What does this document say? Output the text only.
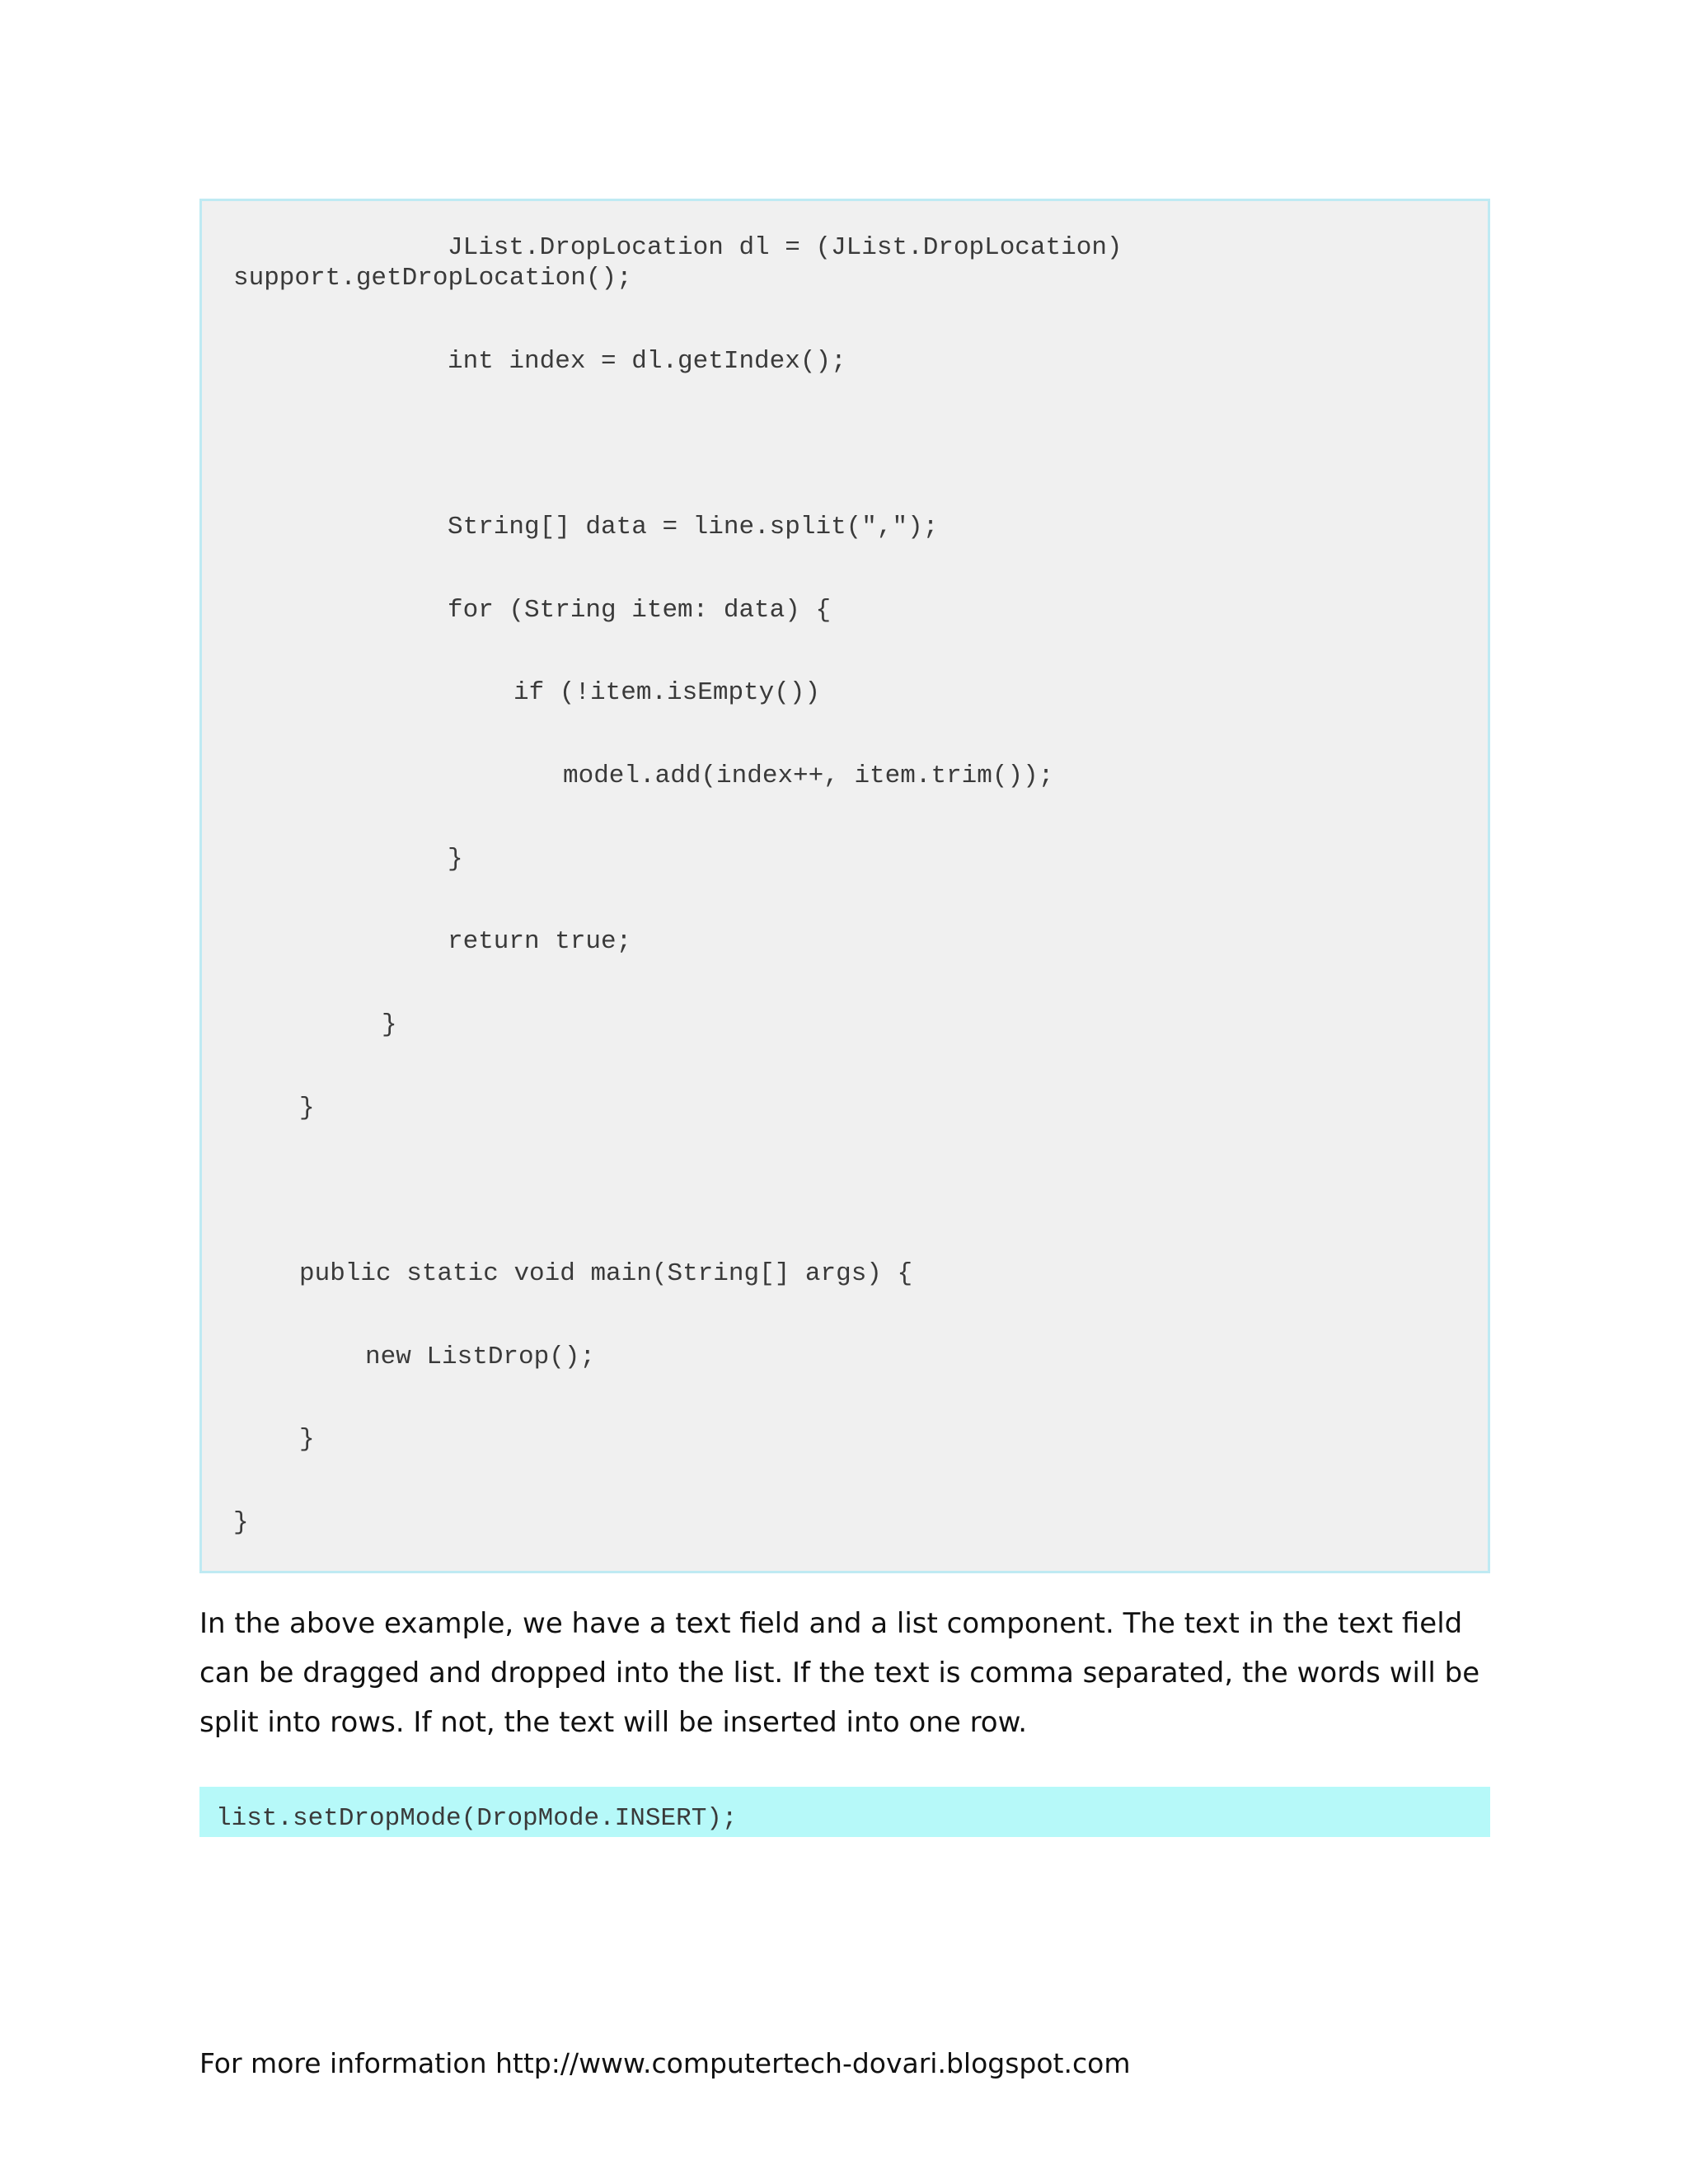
JList.DropLocation dl = (JList.DropLocation)
support.getDropLocation();
int index = dl.getIndex();
String[] data = line.split(",");
for (String item: data) {
if (!item.isEmpty())
model.add(index++, item.trim());
}
return true;
}
}
public static void main(String[] args) {
new ListDrop();
}
}

In the above example, we have a text field and a list component. The text in the text field can be dragged and dropped into the list. If the text is comma separated, the words will be split into rows. If not, the text will be inserted into one row.

list.setDropMode(DropMode.INSERT);
For more information http://www.computertech-dovari.blogspot.com
